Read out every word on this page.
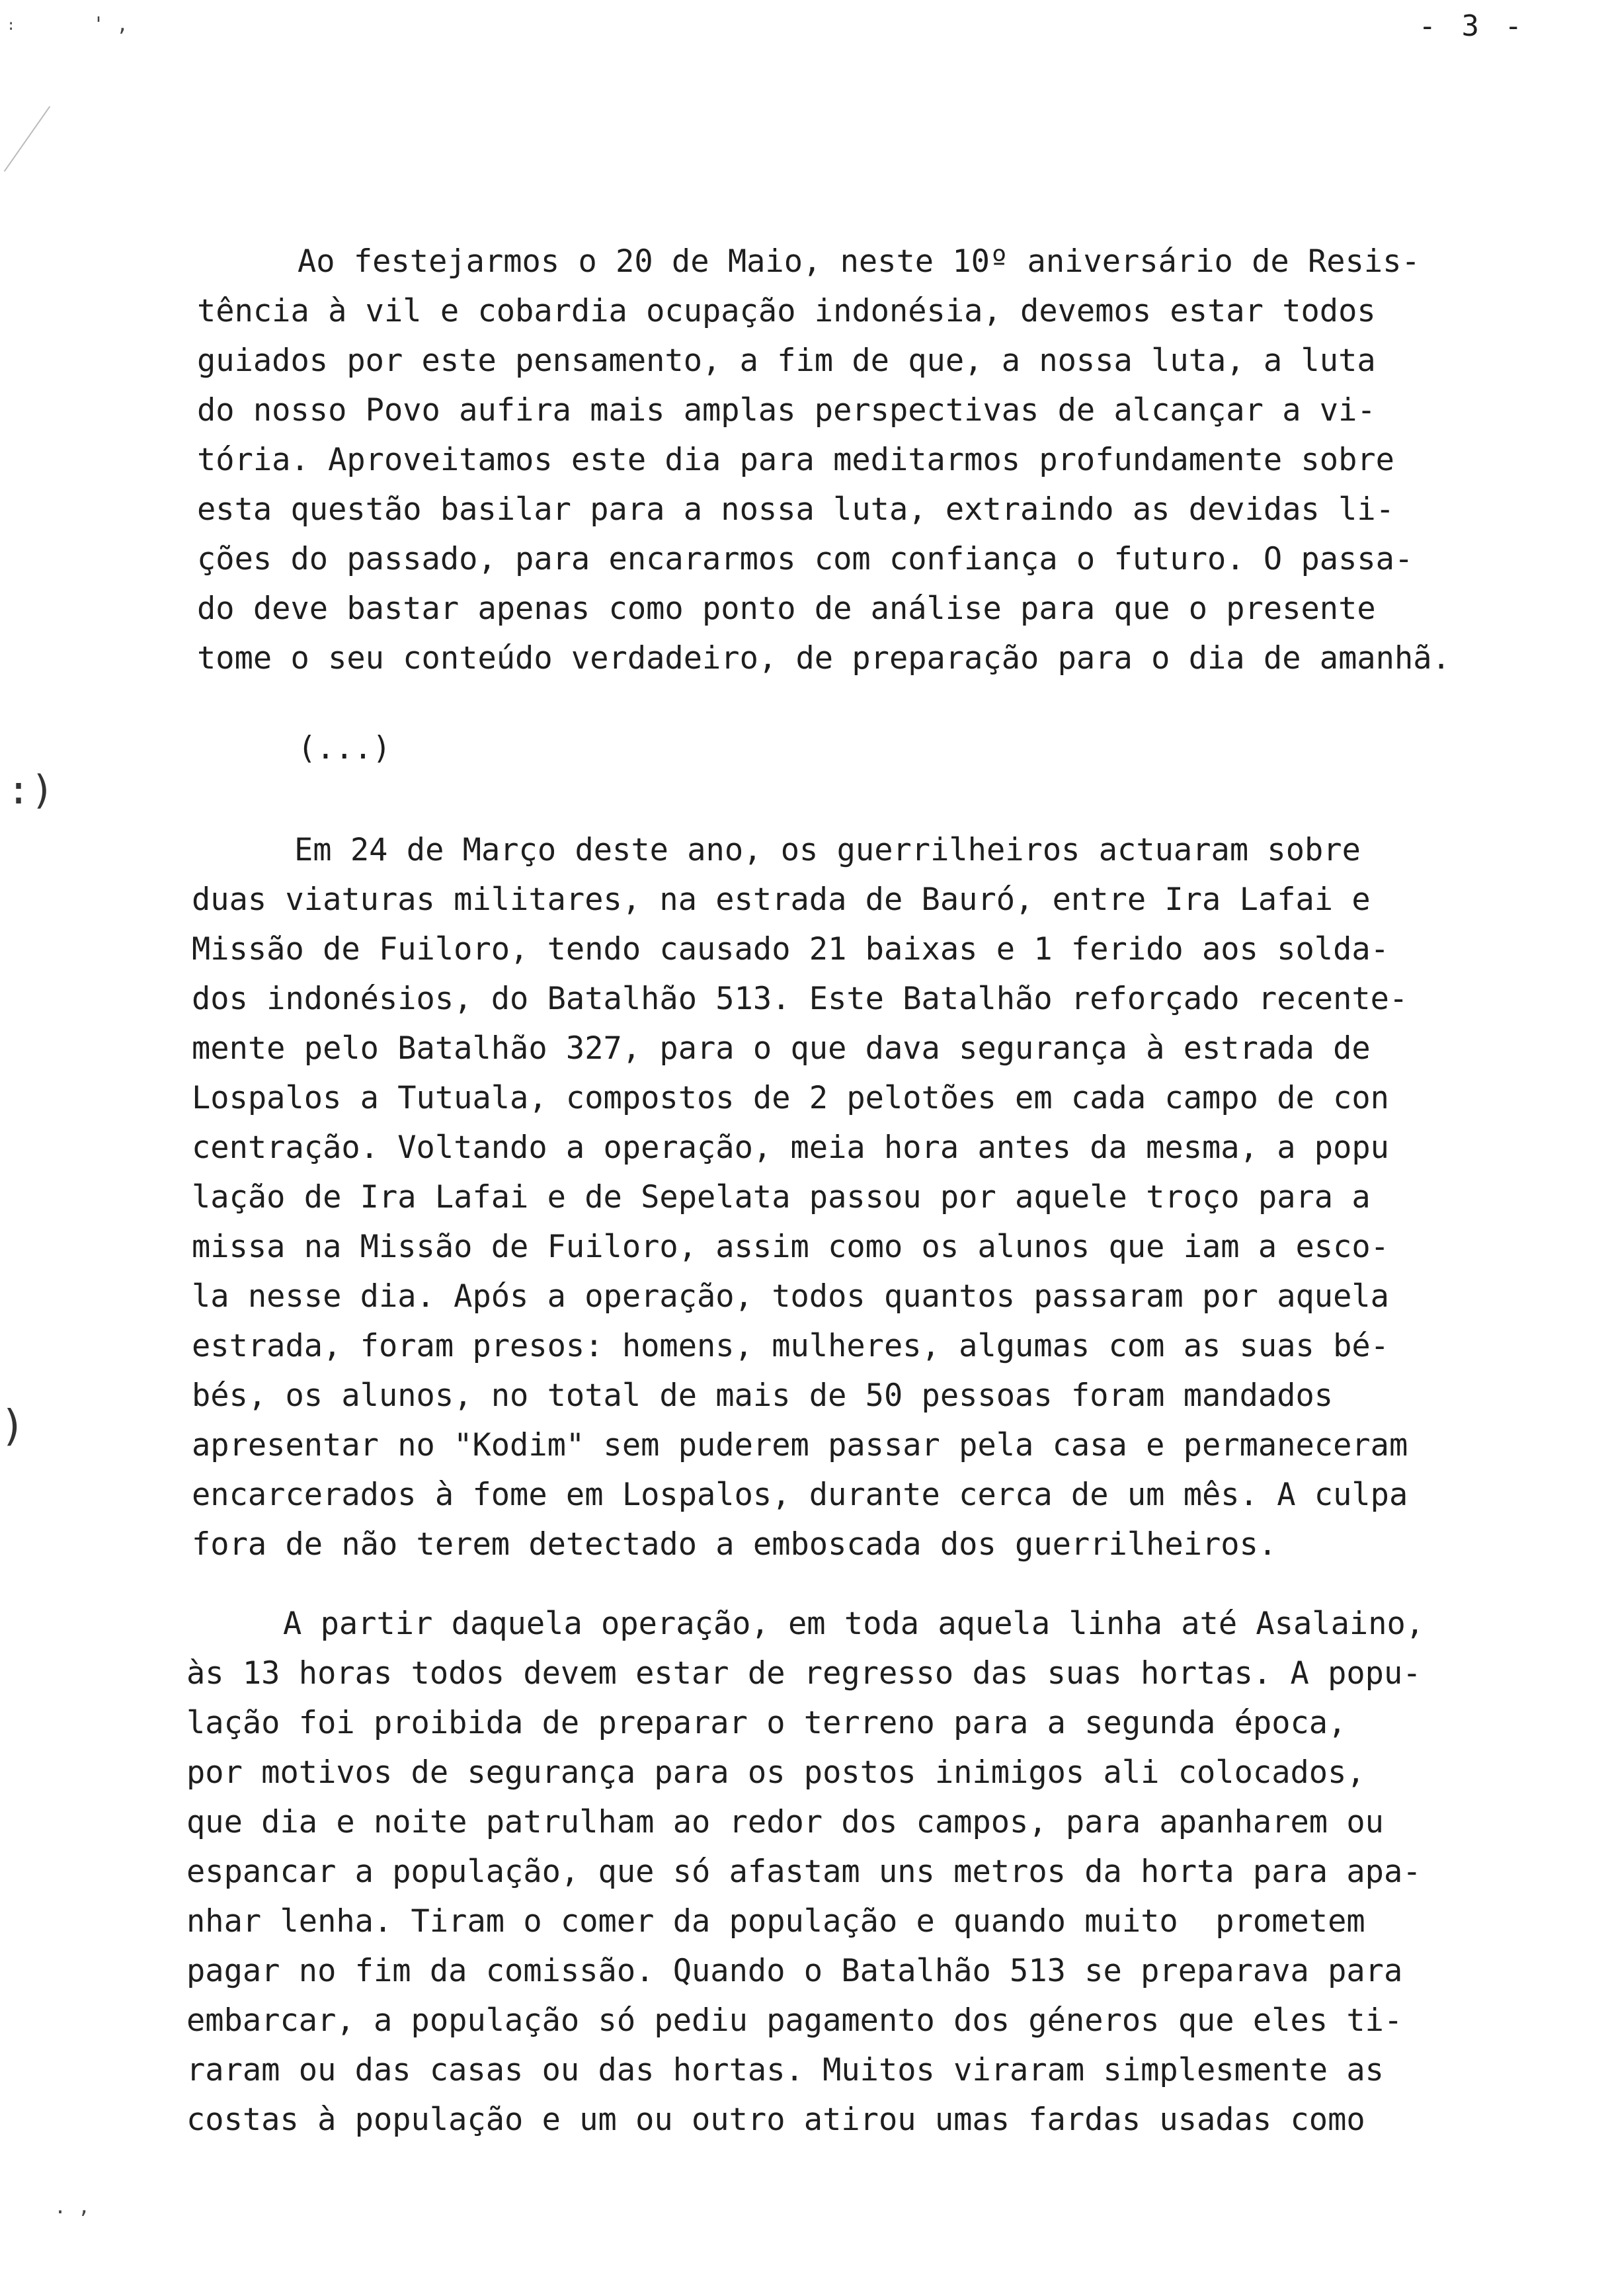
- 3 -
' ,
:
:)
)
. ,
Ao festejarmos o 20 de Maio, neste 10º aniversário de Resis-
tência à vil e cobardia ocupação indonésia, devemos estar todos
guiados por este pensamento, a fim de que, a nossa luta, a luta
do nosso Povo aufira mais amplas perspectivas de alcançar a vi-
tória. Aproveitamos este dia para meditarmos profundamente sobre
esta questão basilar para a nossa luta, extraindo as devidas li-
ções do passado, para encararmos com confiança o futuro. O passa-
do deve bastar apenas como ponto de análise para que o presente
tome o seu conteúdo verdadeiro, de preparação para o dia de amanhã.
(...)
Em 24 de Março deste ano, os guerrilheiros actuaram sobre
duas viaturas militares, na estrada de Bauró, entre Ira Lafai e
Missão de Fuiloro, tendo causado 21 baixas e 1 ferido aos solda-
dos indonésios, do Batalhão 513. Este Batalhão reforçado recente-
mente pelo Batalhão 327, para o que dava segurança à estrada de
Lospalos a Tutuala, compostos de 2 pelotões em cada campo de con
centração. Voltando a operação, meia hora antes da mesma, a popu
lação de Ira Lafai e de Sepelata passou por aquele troço para a
missa na Missão de Fuiloro, assim como os alunos que iam a esco-
la nesse dia. Após a operação, todos quantos passaram por aquela
estrada, foram presos: homens, mulheres, algumas com as suas bé-
bés, os alunos, no total de mais de 50 pessoas foram mandados
apresentar no "Kodim" sem puderem passar pela casa e permaneceram
encarcerados à fome em Lospalos, durante cerca de um mês. A culpa
fora de não terem detectado a emboscada dos guerrilheiros.
A partir daquela operação, em toda aquela linha até Asalaino,
às 13 horas todos devem estar de regresso das suas hortas. A popu-
lação foi proibida de preparar o terreno para a segunda época,
por motivos de segurança para os postos inimigos ali colocados,
que dia e noite patrulham ao redor dos campos, para apanharem ou
espancar a população, que só afastam uns metros da horta para apa-
nhar lenha. Tiram o comer da população e quando muito  prometem
pagar no fim da comissão. Quando o Batalhão 513 se preparava para
embarcar, a população só pediu pagamento dos géneros que eles ti-
raram ou das casas ou das hortas. Muitos viraram simplesmente as
costas à população e um ou outro atirou umas fardas usadas como
